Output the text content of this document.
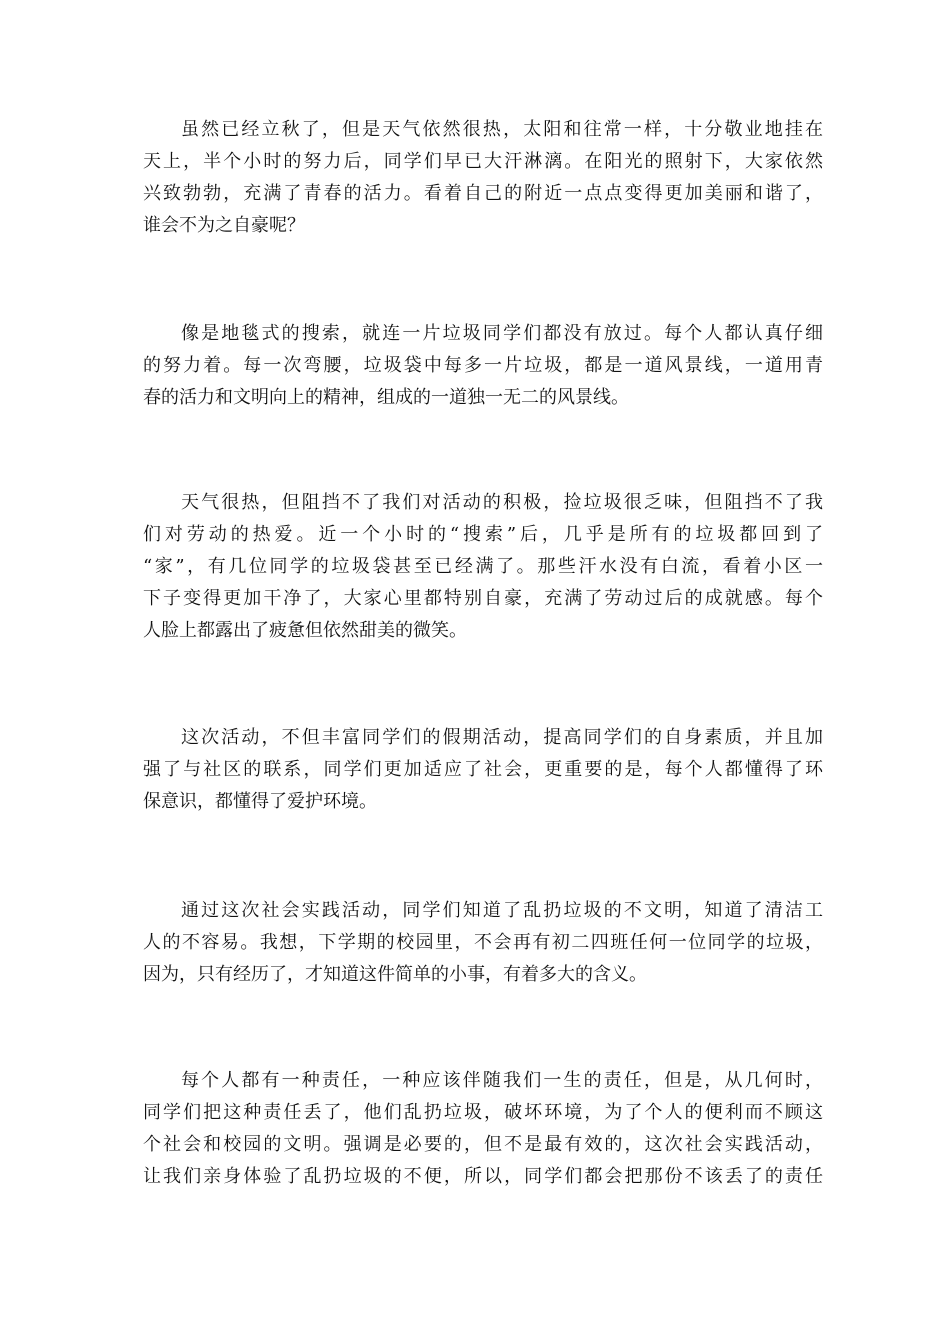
虽然已经立秋了，但是天气依然很热，太阳和往常一样，十分敬业地挂在
天上，半个小时的努力后，同学们早已大汗淋漓。在阳光的照射下，大家依然
兴致勃勃，充满了青春的活力。看着自己的附近一点点变得更加美丽和谐了，
谁会不为之自豪呢？

像是地毯式的搜索，就连一片垃圾同学们都没有放过。每个人都认真仔细
的努力着。每一次弯腰，垃圾袋中每多一片垃圾，都是一道风景线，一道用青
春的活力和文明向上的精神，组成的一道独一无二的风景线。

天气很热，但阻挡不了我们对活动的积极，捡垃圾很乏味，但阻挡不了我
们对劳动的热爱。近一个小时的“搜索”后，几乎是所有的垃圾都回到了
“家”，有几位同学的垃圾袋甚至已经满了。那些汗水没有白流，看着小区一
下子变得更加干净了，大家心里都特别自豪，充满了劳动过后的成就感。每个
人脸上都露出了疲惫但依然甜美的微笑。

这次活动，不但丰富同学们的假期活动，提高同学们的自身素质，并且加
强了与社区的联系，同学们更加适应了社会，更重要的是，每个人都懂得了环
保意识，都懂得了爱护环境。

通过这次社会实践活动，同学们知道了乱扔垃圾的不文明，知道了清洁工
人的不容易。我想，下学期的校园里，不会再有初二四班任何一位同学的垃圾，
因为，只有经历了，才知道这件简单的小事，有着多大的含义。

每个人都有一种责任，一种应该伴随我们一生的责任，但是，从几何时，
同学们把这种责任丢了，他们乱扔垃圾，破坏环境，为了个人的便利而不顾这
个社会和校园的文明。强调是必要的，但不是最有效的，这次社会实践活动，
让我们亲身体验了乱扔垃圾的不便，所以，同学们都会把那份不该丢了的责任
